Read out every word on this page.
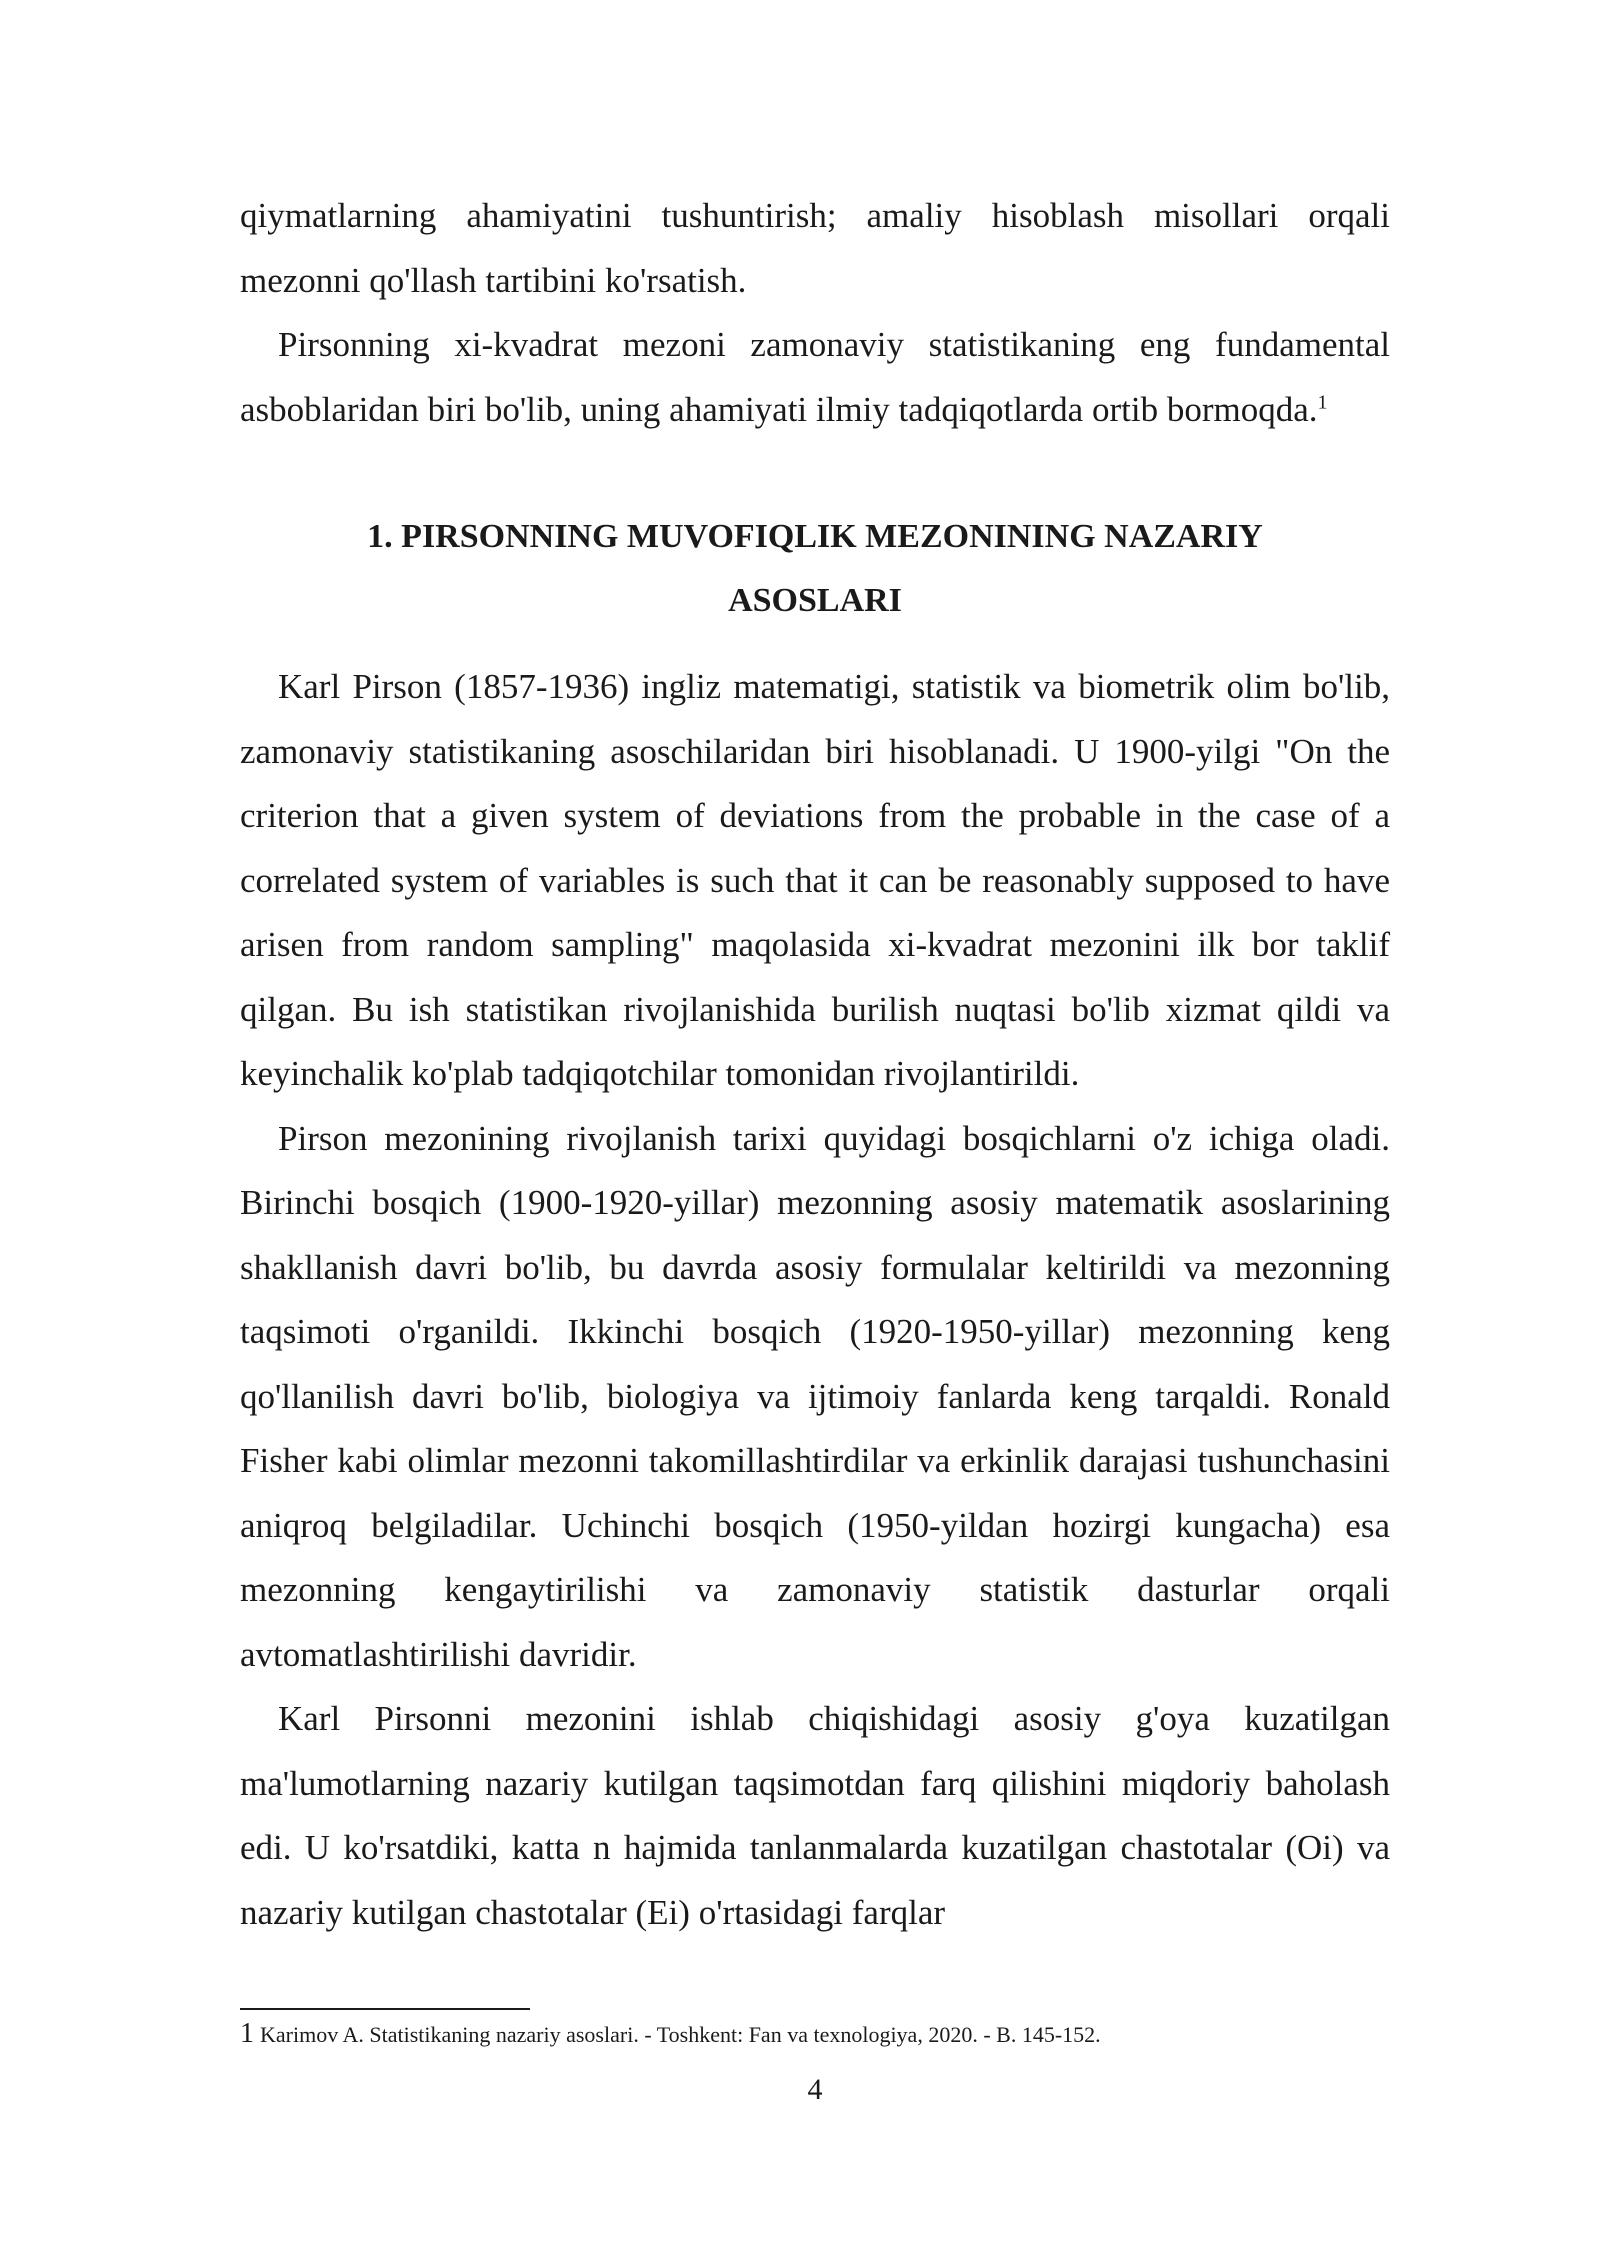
qiymatlarning ahamiyatini tushuntirish; amaliy hisoblash misollari orqali mezonni qo'llash tartibini ko'rsatish.

Pirsonning xi-kvadrat mezoni zamonaviy statistikaning eng fundamental asboblaridan biri bo'lib, uning ahamiyati ilmiy tadqiqotlarda ortib bormoqda.$^1$

1. PIRSONNING MUVOFIQLIK MEZONINING NAZARIY
ASOSLARI

Karl Pirson (1857-1936) ingliz matematigi, statistik va biometrik olim bo'lib, zamonaviy statistikaning asoschilaridan biri hisoblanadi. U 1900-yilgi "On the criterion that a given system of deviations from the probable in the case of a correlated system of variables is such that it can be reasonably supposed to have arisen from random sampling" maqolasida xi-kvadrat mezonini ilk bor taklif qilgan. Bu ish statistikan rivojlanishida burilish nuqtasi bo'lib xizmat qildi va keyinchalik ko'plab tadqiqotchilar tomonidan rivojlantirildi.

Pirson mezonining rivojlanish tarixi quyidagi bosqichlarni o'z ichiga oladi. Birinchi bosqich (1900-1920-yillar) mezonning asosiy matematik asoslarining shakllanish davri bo'lib, bu davrda asosiy formulalar keltirildi va mezonning taqsimoti o'rganildi. Ikkinchi bosqich (1920-1950-yillar) mezonning keng qo'llanilish davri bo'lib, biologiya va ijtimoiy fanlarda keng tarqaldi. Ronald Fisher kabi olimlar mezonni takomillashtirdilar va erkinlik darajasi tushunchasini aniqroq belgiladilar. Uchinchi bosqich (1950-yildan hozirgi kungacha) esa mezonning kengaytirilishi va zamonaviy statistik dasturlar orqali avtomatlashtirilishi davridir.

Karl Pirsonni mezonini ishlab chiqishidagi asosiy g'oya kuzatilgan ma'lumotlarning nazariy kutilgan taqsimotdan farq qilishini miqdoriy baholash edi. U ko'rsatdiki, katta n hajmida tanlanmalarda kuzatilgan chastotalar (Oi) va nazariy kutilgan chastotalar (Ei) o'rtasidagi farqlar

1 Karimov A. Statistikaning nazariy asoslari. - Toshkent: Fan va texnologiya, 2020. - B. 145-152.
4
